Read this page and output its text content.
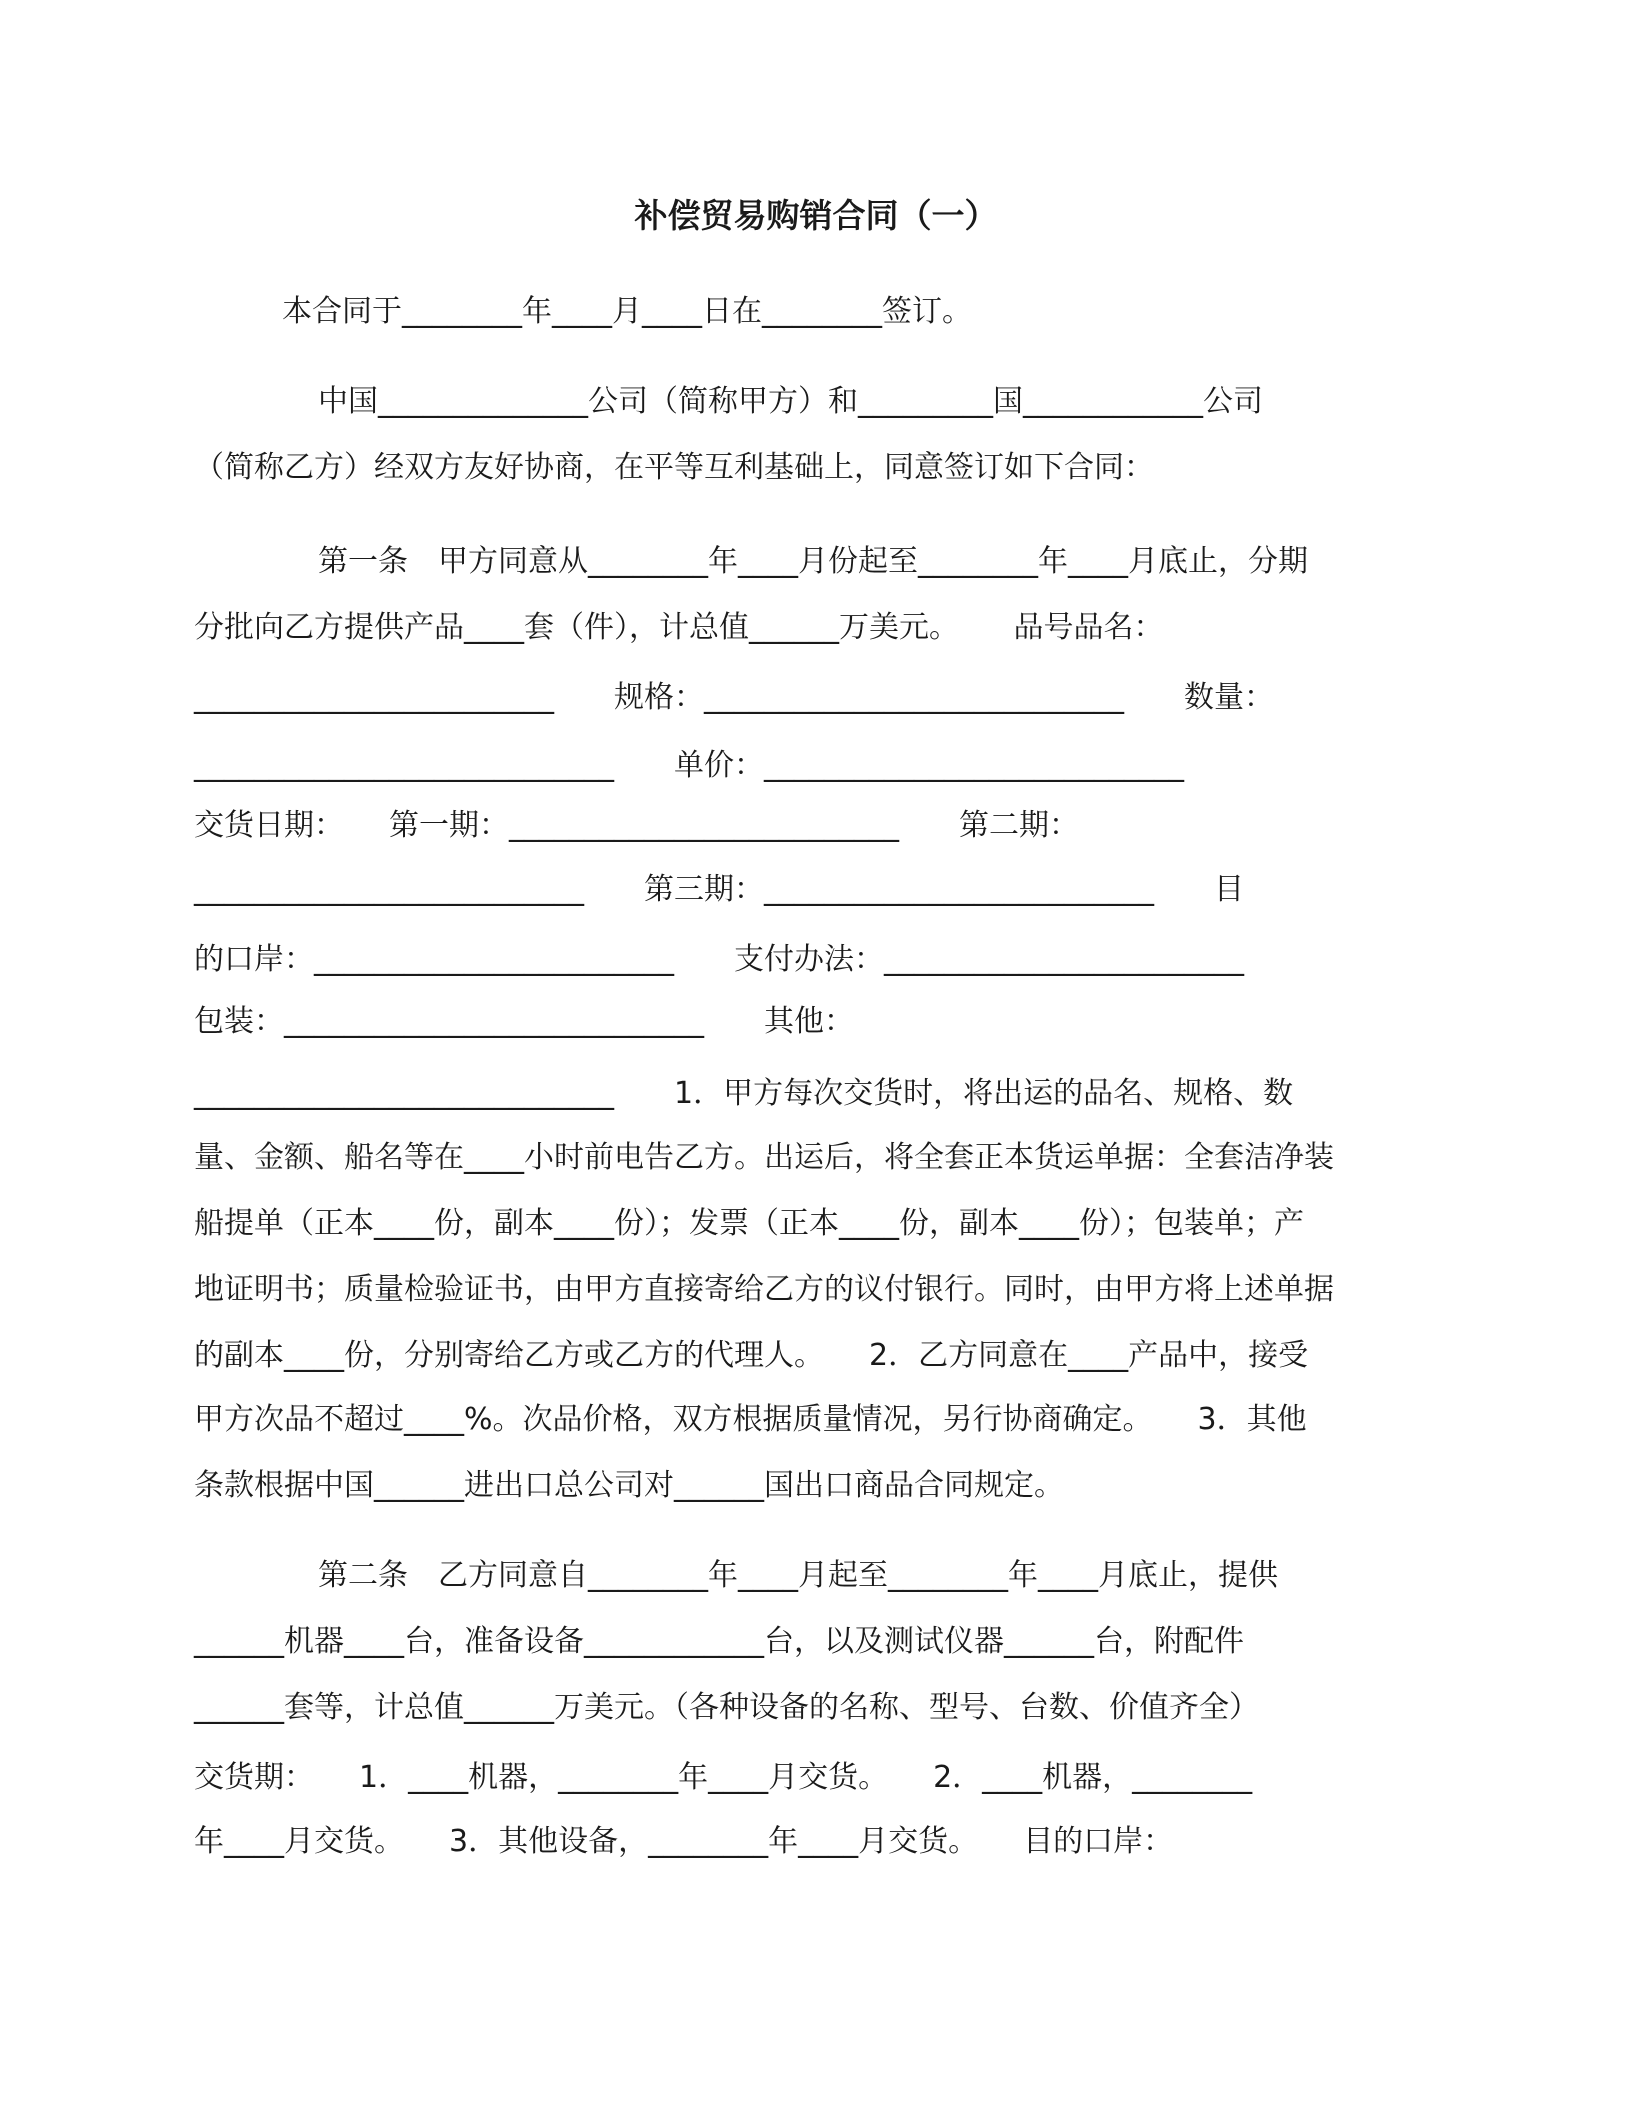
补偿贸易购销合同（一）
本合同于________年____月____日在________签订。
中国______________公司（简称甲方）和_________国____________公司
（简称乙方）经双方友好协商，在平等互利基础上，同意签订如下合同：
第一条　甲方同意从________年____月份起至________年____月底止，分期
分批向乙方提供产品____套（件），计总值______万美元。　　 品号品名：
________________________　　规格：____________________________　　数量：
____________________________　　单价：____________________________
交货日期：　　第一期：__________________________　　第二期：
__________________________　　第三期：__________________________　　目
的口岸：________________________　　支付办法：________________________
包装：____________________________　　其他：
____________________________　　1．甲方每次交货时，将出运的品名、规格、数
量、金额、船名等在____小时前电告乙方。出运后，将全套正本货运单据：全套洁净装
船提单（正本____份，副本____份）；发票（正本____份，副本____份）；包装单；产
地证明书；质量检验证书，由甲方直接寄给乙方的议付银行。同时，由甲方将上述单据
的副本____份，分别寄给乙方或乙方的代理人。　　2．乙方同意在____产品中，接受
甲方次品不超过____%。次品价格，双方根据质量情况，另行协商确定。　　3．其他
条款根据中国______进出口总公司对______国出口商品合同规定。
第二条　乙方同意自________年____月起至________年____月底止，提供
______机器____台，准备设备____________台，以及测试仪器______台，附配件
______套等，计总值______万美元。（各种设备的名称、型号、台数、价值齐全）
交货期：　　1．____机器，________年____月交货。　　2．____机器，________
年____月交货。　　3．其他设备，________年____月交货。　　目的口岸：
